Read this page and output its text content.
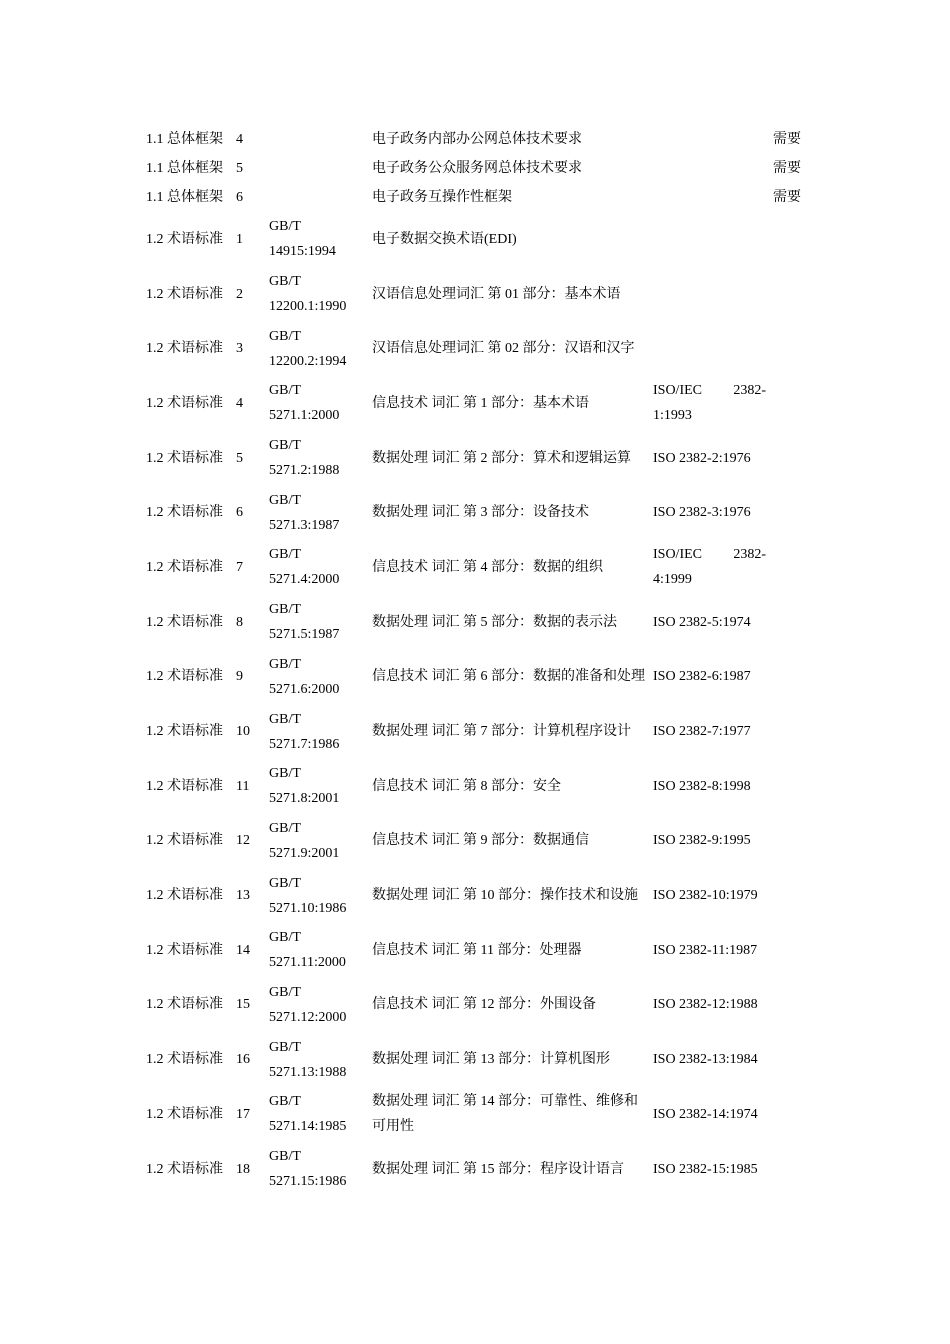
1.1 总体框架	4		电子政务内部办公网总体技术要求		需要
1.1 总体框架	5		电子政务公众服务网总体技术要求		需要
1.1 总体框架	6		电子政务互操作性框架		需要
1.2 术语标准	1	GB/T
14915:1994	电子数据交换术语(EDI)		
1.2 术语标准	2	GB/T
12200.1:1990	汉语信息处理词汇 第 01 部分：基本术语		
1.2 术语标准	3	GB/T
12200.2:1994	汉语信息处理词汇 第 02 部分：汉语和汉字		
1.2 术语标准	4	GB/T
5271.1:2000	信息技术 词汇 第 1 部分：基本术语	ISO/IEC 2382-
1:1993	
1.2 术语标准	5	GB/T
5271.2:1988	数据处理 词汇 第 2 部分：算术和逻辑运算	ISO 2382-2:1976	
1.2 术语标准	6	GB/T
5271.3:1987	数据处理 词汇 第 3 部分：设备技术	ISO 2382-3:1976	
1.2 术语标准	7	GB/T
5271.4:2000	信息技术 词汇 第 4 部分：数据的组织	ISO/IEC 2382-
4:1999	
1.2 术语标准	8	GB/T
5271.5:1987	数据处理 词汇 第 5 部分：数据的表示法	ISO 2382-5:1974	
1.2 术语标准	9	GB/T
5271.6:2000	信息技术 词汇 第 6 部分：数据的准备和处理	ISO 2382-6:1987	
1.2 术语标准	10	GB/T
5271.7:1986	数据处理 词汇 第 7 部分：计算机程序设计	ISO 2382-7:1977	
1.2 术语标准	11	GB/T
5271.8:2001	信息技术 词汇 第 8 部分：安全	ISO 2382-8:1998	
1.2 术语标准	12	GB/T
5271.9:2001	信息技术 词汇 第 9 部分：数据通信	ISO 2382-9:1995	
1.2 术语标准	13	GB/T
5271.10:1986	数据处理 词汇 第 10 部分：操作技术和设施	ISO 2382-10:1979	
1.2 术语标准	14	GB/T
5271.11:2000	信息技术 词汇 第 11 部分：处理器	ISO 2382-11:1987	
1.2 术语标准	15	GB/T
5271.12:2000	信息技术 词汇 第 12 部分：外围设备	ISO 2382-12:1988	
1.2 术语标准	16	GB/T
5271.13:1988	数据处理 词汇 第 13 部分：计算机图形	ISO 2382-13:1984	
1.2 术语标准	17	GB/T
5271.14:1985	数据处理 词汇 第 14 部分：可靠性、维修和可用性	ISO 2382-14:1974	
1.2 术语标准	18	GB/T
5271.15:1986	数据处理 词汇 第 15 部分：程序设计语言	ISO 2382-15:1985	
